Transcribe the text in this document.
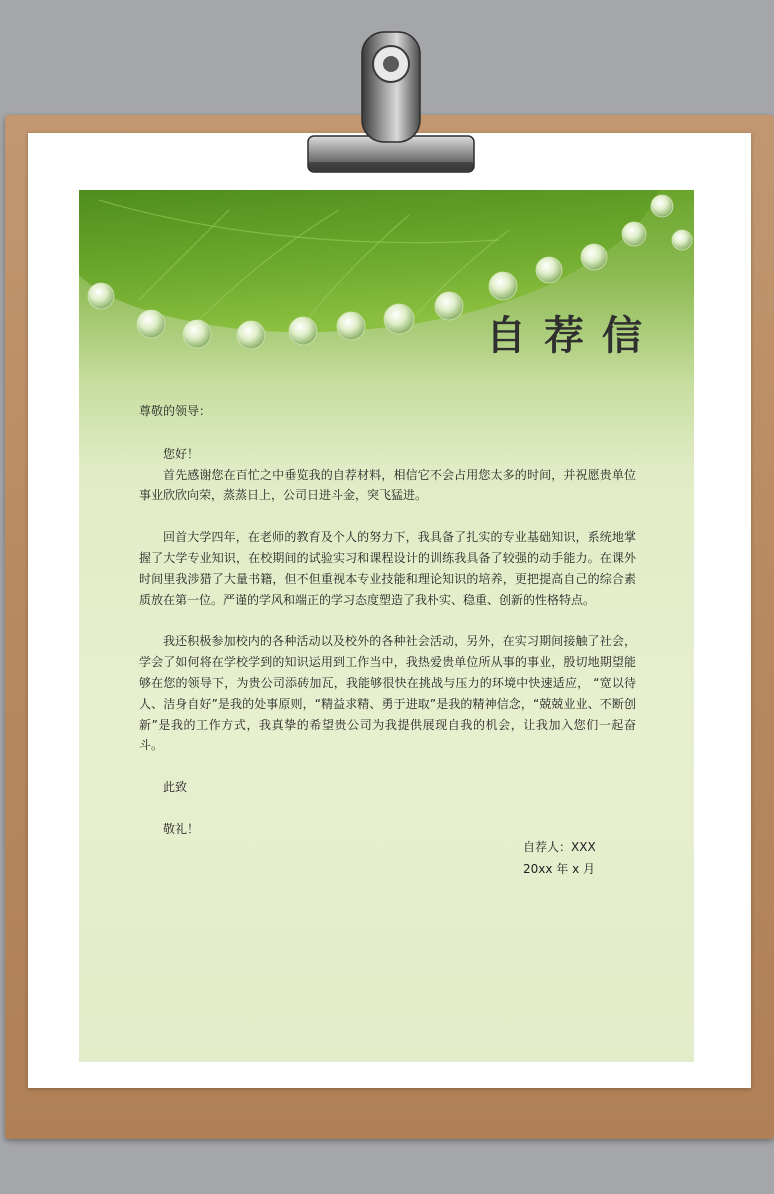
自荐信

尊敬的领导：

您好！

首先感谢您在百忙之中垂览我的自荐材料，相信它不会占用您太多的时间，并祝愿贵单位事业欣欣向荣，蒸蒸日上，公司日进斗金，突飞猛进。

回首大学四年，在老师的教育及个人的努力下，我具备了扎实的专业基础知识，系统地掌握了大学专业知识，在校期间的试验实习和课程设计的训练我具备了较强的动手能力。在课外时间里我涉猎了大量书籍，但不但重视本专业技能和理论知识的培养，更把提高自己的综合素质放在第一位。严谨的学风和端正的学习态度塑造了我朴实、稳重、创新的性格特点。

我还积极参加校内的各种活动以及校外的各种社会活动，另外，在实习期间接触了社会，学会了如何将在学校学到的知识运用到工作当中，我热爱贵单位所从事的事业，殷切地期望能够在您的领导下，为贵公司添砖加瓦，我能够很快在挑战与压力的环境中快速适应， “宽以待人、洁身自好”是我的处事原则，“精益求精、勇于进取”是我的精神信念，“兢兢业业、不断创新”是我的工作方式，我真挚的希望贵公司为我提供展现自我的机会，让我加入您们一起奋斗。

此致

敬礼！

自荐人：XXX
20xx 年 x 月
